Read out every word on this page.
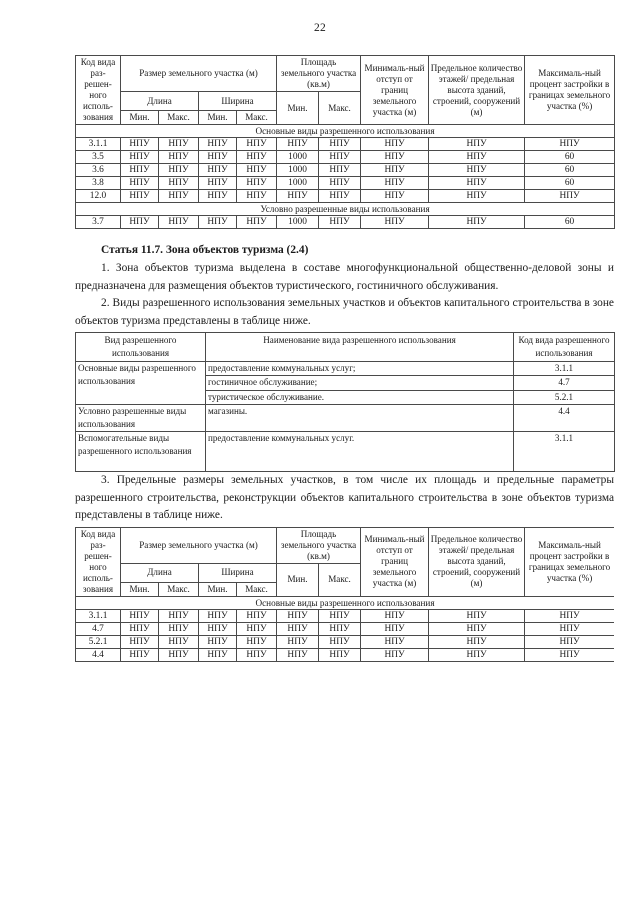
22
Код вида раз-решен-ного исполь-зования	Размер земельного участка (м)				Площадь земельного участка (кв.м)		Минималь-ный отступ от границ земельного участка (м)	Предельное количество этажей/ предельная высота зданий, строений, сооружений (м)	Максималь-ный процент застройки в границах земельного участка (%)
	Длина		Ширина		Мин.	Макс.			
	Мин.	Макс.	Мин.	Макс.					
Основные виды разрешенного использования									
3.1.1	НПУ	НПУ	НПУ	НПУ	НПУ	НПУ	НПУ	НПУ	НПУ
3.5	НПУ	НПУ	НПУ	НПУ	1000	НПУ	НПУ	НПУ	60
3.6	НПУ	НПУ	НПУ	НПУ	1000	НПУ	НПУ	НПУ	60
3.8	НПУ	НПУ	НПУ	НПУ	1000	НПУ	НПУ	НПУ	60
12.0	НПУ	НПУ	НПУ	НПУ	НПУ	НПУ	НПУ	НПУ	НПУ
Условно разрешенные виды использования									
3.7	НПУ	НПУ	НПУ	НПУ	1000	НПУ	НПУ	НПУ	60
Статья 11.7. Зона объектов туризма (2.4)

1. Зона объектов туризма выделена в составе многофункциональной общественно-деловой зоны и предназначена для размещения объектов туристического, гостиничного обслуживания.

2. Виды разрешенного использования земельных участков и объектов капитального строительства в зоне объектов туризма представлены в таблице ниже.

Вид разрешенного использования	Наименование вида разрешенного использования	Код вида разрешенного использования
Основные виды разрешенного использования	предоставление коммунальных услуг;	3.1.1
	гостиничное обслуживание;	4.7
	туристическое обслуживание.	5.2.1
Условно разрешенные виды использования	магазины.	4.4
Вспомогательные виды разрешенного использования	предоставление коммунальных услуг.	3.1.1

3. Предельные размеры земельных участков, в том числе их площадь и предельные параметры разрешенного строительства, реконструкции объектов капитального строительства в зоне объектов туризма представлены в таблице ниже.

Код вида раз-решен-ного исполь-зования	Размер земельного участка (м)				Площадь земельного участка (кв.м)		Минималь-ный отступ от границ земельного участка (м)	Предельное количество этажей/ предельная высота зданий, строений, сооружений (м)	Максималь-ный процент застройки в границах земельного участка (%)
	Длина		Ширина		Мин.	Макс.			
	Мин.	Макс.	Мин.	Макс.					
Основные виды разрешенного использования									
3.1.1	НПУ	НПУ	НПУ	НПУ	НПУ	НПУ	НПУ	НПУ	НПУ
4.7	НПУ	НПУ	НПУ	НПУ	НПУ	НПУ	НПУ	НПУ	НПУ
5.2.1	НПУ	НПУ	НПУ	НПУ	НПУ	НПУ	НПУ	НПУ	НПУ
4.4	НПУ	НПУ	НПУ	НПУ	НПУ	НПУ	НПУ	НПУ	НПУ
